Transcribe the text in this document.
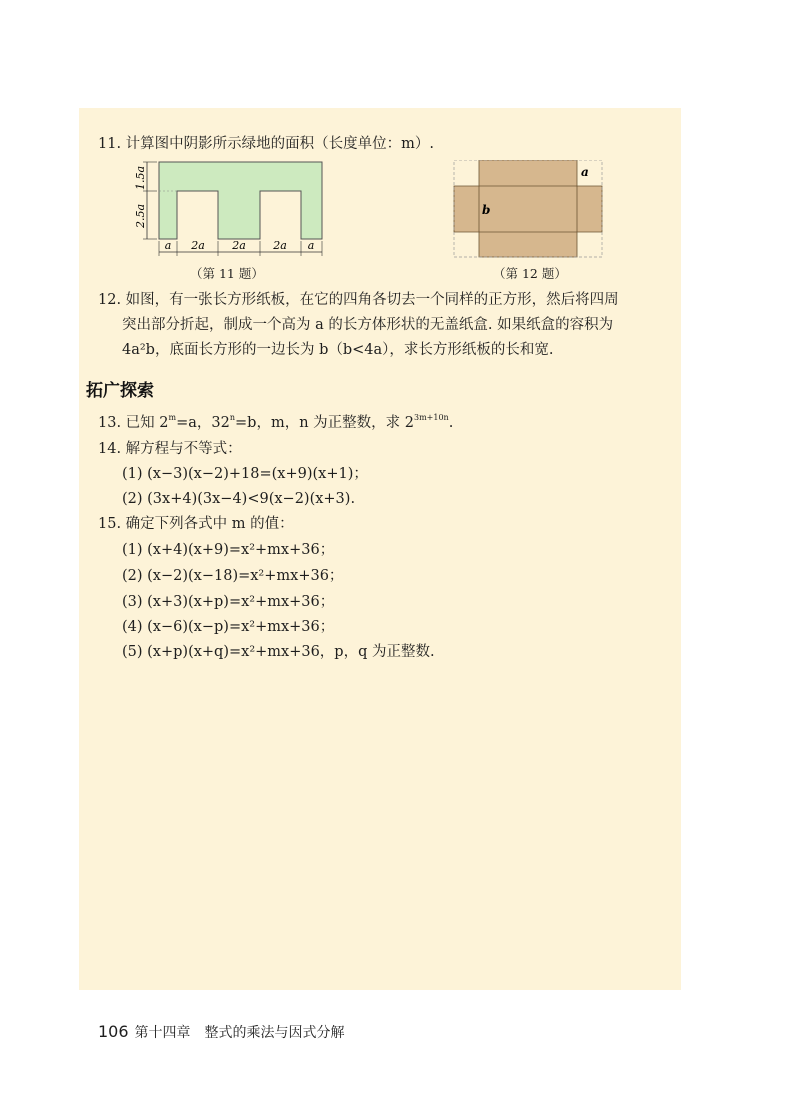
11. 计算图中阴影所示绿地的面积（长度单位：m）.
1.5a
2.5a
a 2a 2a 2a a
（第 11 题）
a
b
（第 12 题）
12. 如图，有一张长方形纸板，在它的四角各切去一个同样的正方形，然后将四周
突出部分折起，制成一个高为 a 的长方体形状的无盖纸盒. 如果纸盒的容积为
4a²b，底面长方形的一边长为 b（b<4a），求长方形纸板的长和宽.
拓广探索
13. 已知 $2^m=a$，$32^n=b$，m，n 为正整数，求 $2^{3m+10n}$.
14. 解方程与不等式：
(1) (x−3)(x−2)+18=(x+9)(x+1)；
(2) (3x+4)(3x−4)<9(x−2)(x+3).
15. 确定下列各式中 m 的值：
(1) (x+4)(x+9)=x²+mx+36；
(2) (x−2)(x−18)=x²+mx+36；
(3) (x+3)(x+p)=x²+mx+36；
(4) (x−6)(x−p)=x²+mx+36；
(5) (x+p)(x+q)=x²+mx+36，p，q 为正整数.
106 第十四章 整式的乘法与因式分解
